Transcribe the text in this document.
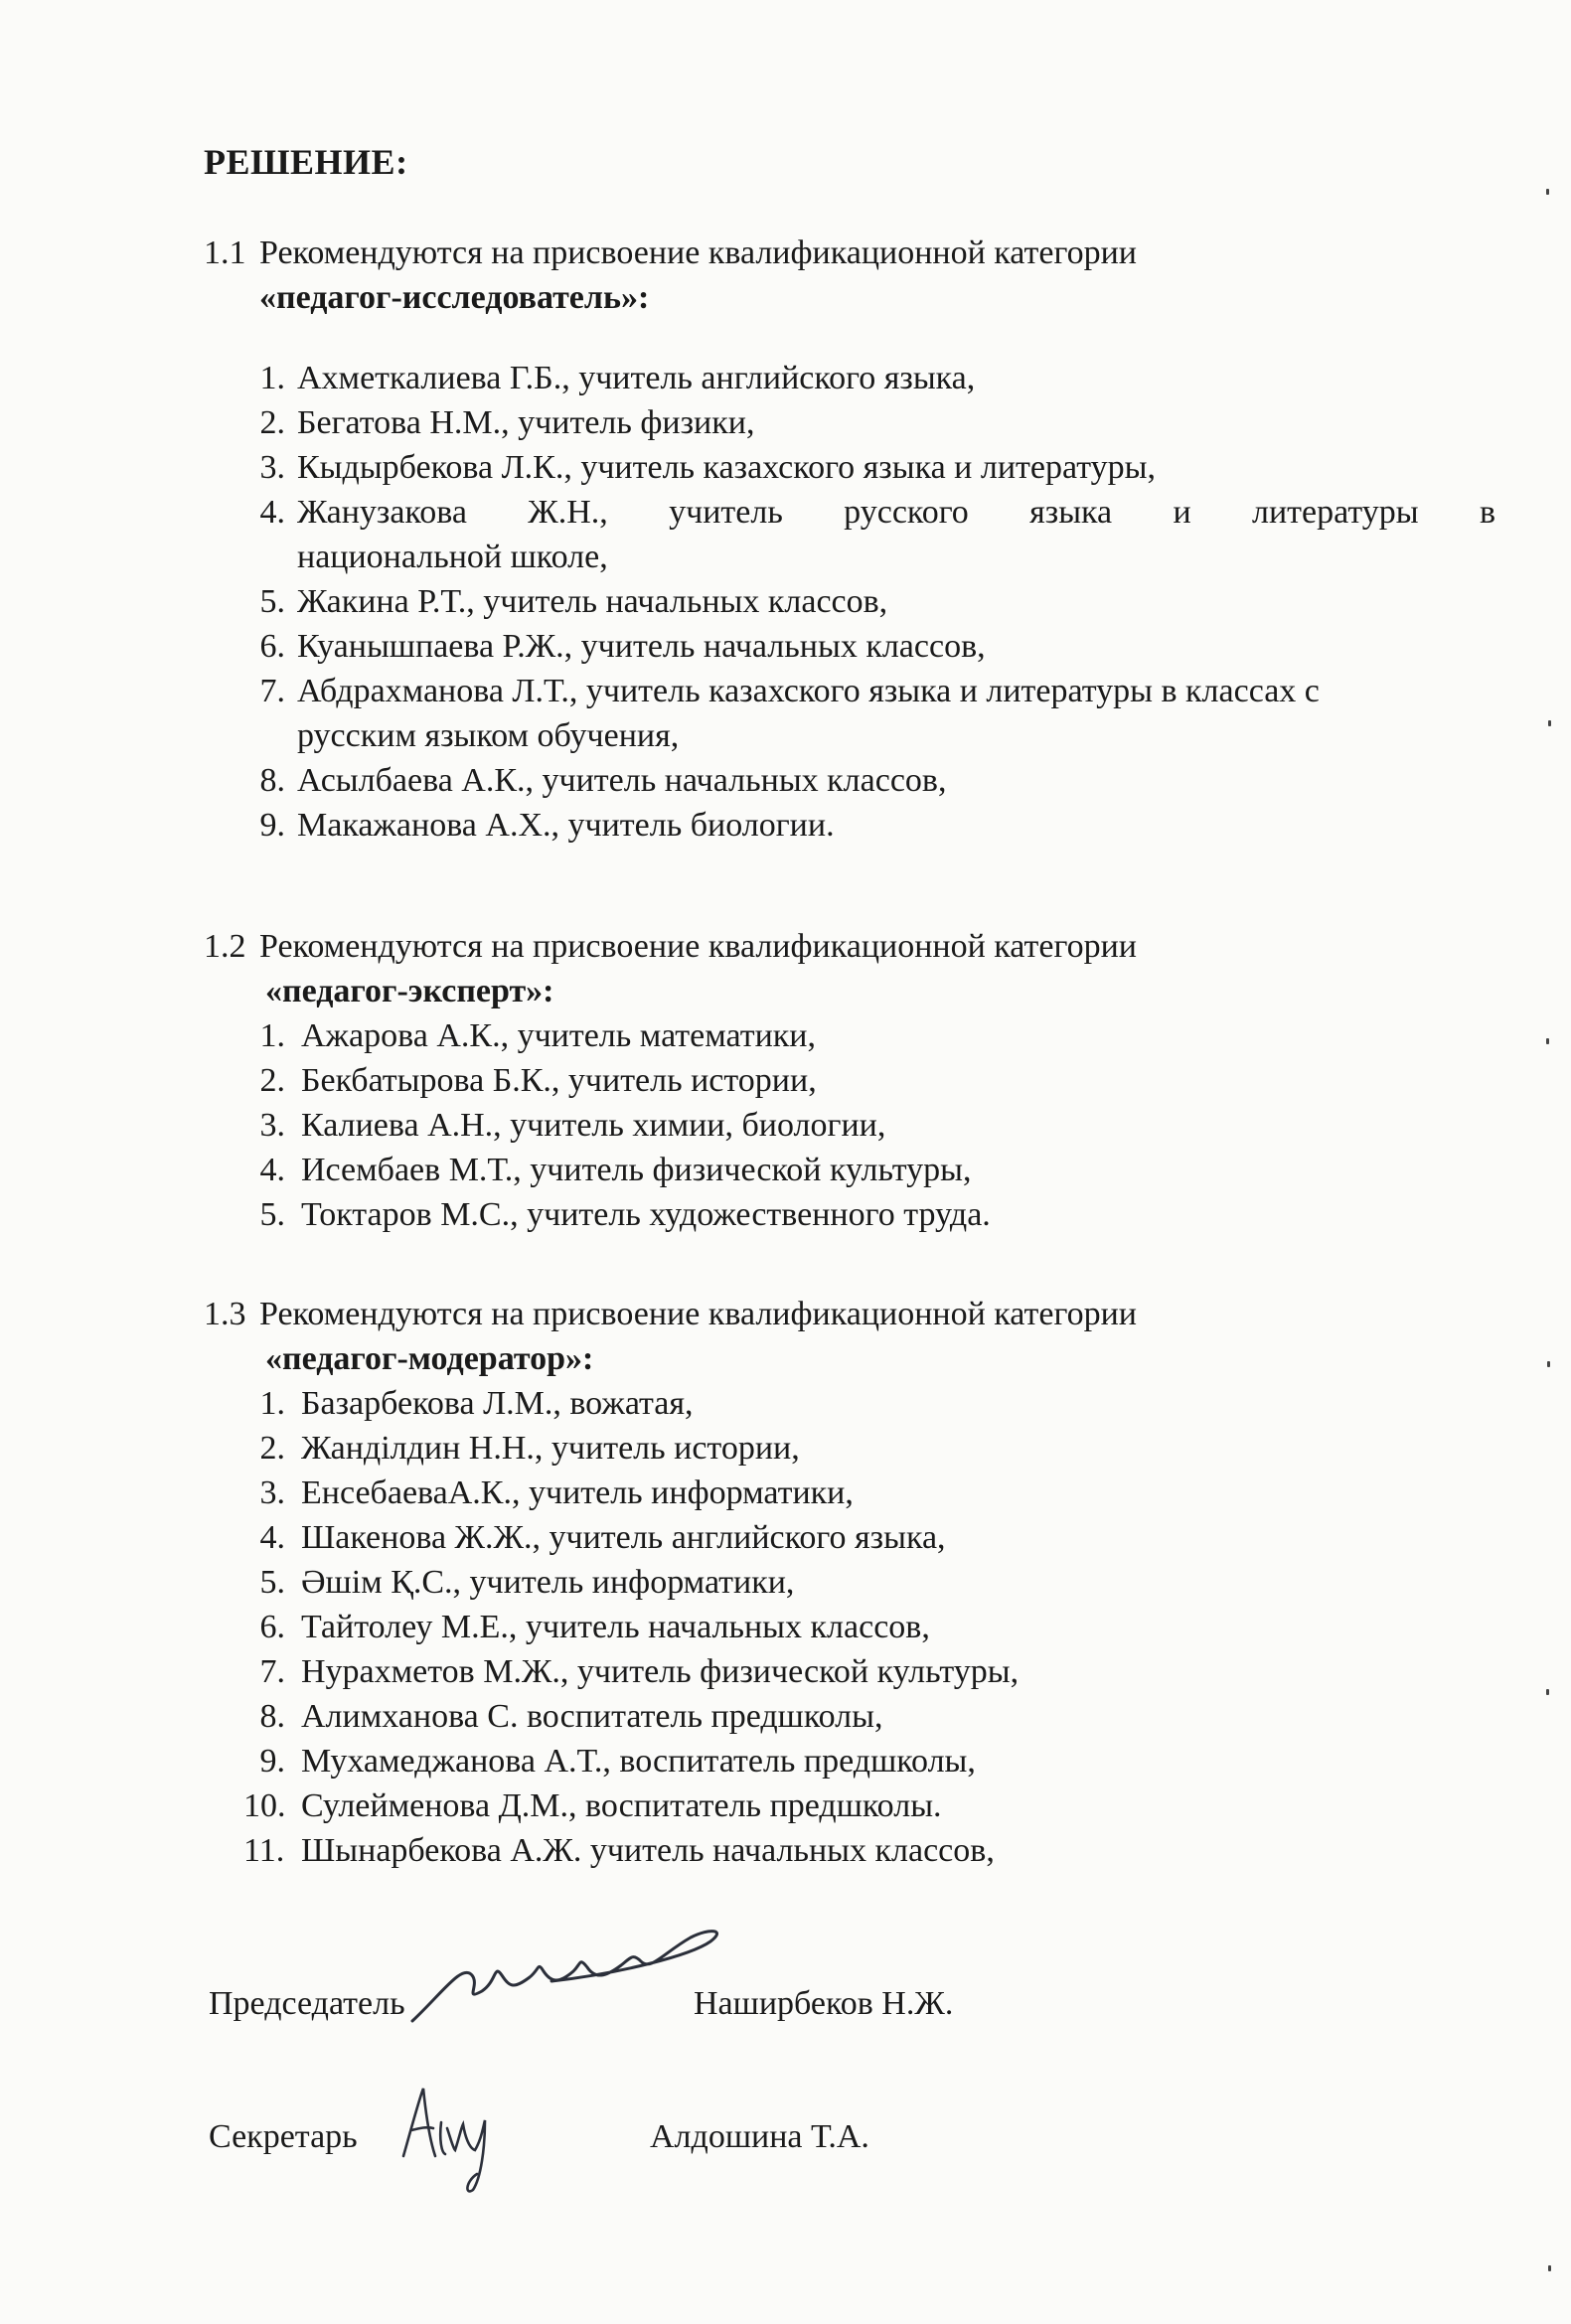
РЕШЕНИЕ:
1.1 Рекомендуются на присвоение квалификационной категории
«педагог-исследователь»:
1. Ахметкалиева Г.Б., учитель английского языка,
2. Бегатова Н.М., учитель физики,
3. Кыдырбекова Л.К., учитель казахского языка и литературы,
4. Жанузакова Ж.Н., учитель русского языка и литературы в
национальной школе,
5. Жакина Р.Т., учитель начальных классов,
6. Куанышпаева Р.Ж., учитель начальных классов,
7. Абдрахманова Л.Т., учитель казахского языка и литературы в классах с
русским языком обучения,
8. Асылбаева А.К., учитель начальных классов,
9. Макажанова А.Х., учитель биологии.
1.2 Рекомендуются на присвоение квалификационной категории
«педагог-эксперт»:
1. Ажарова А.К., учитель математики,
2. Бекбатырова Б.К., учитель истории,
3. Калиева А.Н., учитель химии, биологии,
4. Исембаев М.Т., учитель физической культуры,
5. Токтаров М.С., учитель художественного труда.
1.3 Рекомендуются на присвоение квалификационной категории
«педагог-модератор»:
1. Базарбекова Л.М., вожатая,
2. Жанділдин Н.Н., учитель истории,
3. ЕнсебаеваА.К., учитель информатики,
4. Шакенова Ж.Ж., учитель английского языка,
5. Әшім Қ.С., учитель информатики,
6. Тайтолеу М.Е., учитель начальных классов,
7. Нурахметов М.Ж., учитель физической культуры,
8. Алимханова С. воспитатель предшколы,
9. Мухамеджанова А.Т., воспитатель предшколы,
10. Сулейменова Д.М., воспитатель предшколы.
11. Шынарбекова А.Ж. учитель начальных классов,
Председатель	Наширбеков Н.Ж.
Секретарь	Алдошина Т.А.
